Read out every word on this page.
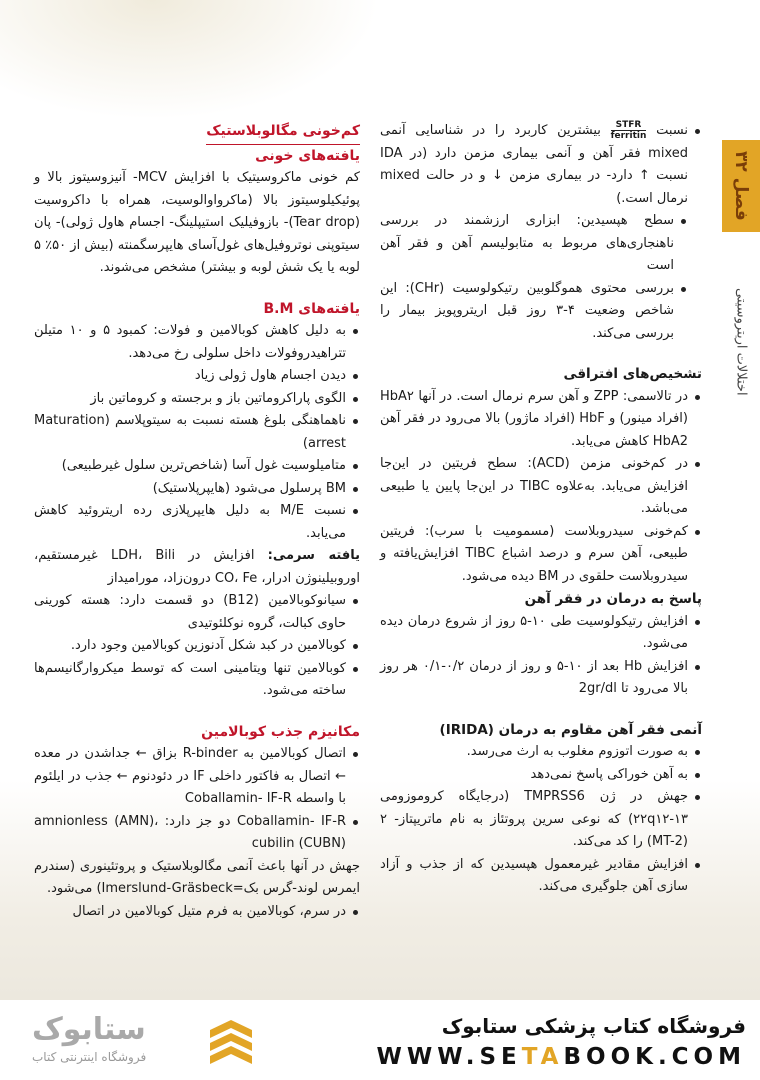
فصل ۳۲
اختلالات اریتروسیتی
نسبت
$\frac{\text{STFR}}{\text{ferritin}}$
بیشترین کاربرد را در شناسایی آنمی mixed فقر آهن و آنمی بیماری مزمن دارد (در IDA نسبت ↑ دارد- در بیماری مزمن ↓ و در حالت mixed نرمال است.)
سطح هپسیدین: ابزاری ارزشمند در بررسی ناهنجاری‌های مربوط به متابولیسم آهن و فقر آهن است
بررسی محتوی هموگلوبین رتیکولوسیت (CHr): این شاخص وضعیت ۴-۳ روز قبل اریتروپویز بیمار را بررسی می‌کند.
تشخیص‌های افتراقی
در تالاسمی: ZPP و آهن سرم نرمال است. در آنها HbA۲ (افراد مینور) و HbF (افراد ماژور) بالا می‌رود در فقر آهن HbA2 کاهش می‌یابد.
در کم‌خونی مزمن (ACD): سطح فریتین در این‌جا افزایش می‌یابد. به‌علاوه TIBC در این‌جا پایین یا طبیعی می‌باشد.
کم‌خونی سیدروبلاست (مسمومیت با سرب): فریتین طبیعی، آهن سرم و درصد اشباع TIBC افزایش‌یافته و سیدروبلاست حلقوی در BM دیده می‌شود.
پاسخ به درمان در فقر آهن
افزایش رتیکولوسیت طی ۱۰-۵ روز از شروع درمان دیده می‌شود.
افزایش Hb بعد از ۱۰-۵ و روز از درمان ۰/۲-۰/۱ هر روز بالا می‌رود تا 2gr/dl
آنمی فقر آهن مقاوم به درمان (IRIDA)
به صورت اتوزوم مغلوب به ارث می‌رسد.
به آهن خوراکی پاسخ نمی‌دهد
جهش در ژن TMPRSS6 (درجایگاه کروموزومی ۱۳-۲۲q۱۲) که نوعی سرین پروتئاز به نام ماتریپتاز- ۲ (MT-2) را کد می‌کند.
افزایش مقادیر غیرمعمول هپسیدین که از جذب و آزاد سازی آهن جلوگیری می‌کند.
کم‌خونی مگالوبلاستیک
یافته‌های خونی

کم خونی ماکروسیتیک با افزایش MCV- آنیزوسیتوز بالا و پوئیکیلوسیتوز بالا (ماکرواوالوسیت، همراه با داکروسیت (Tear drop)- بازوفیلیک استیپلینگ- اجسام هاول ژولی)- پان سیتوپنی نوتروفیل‌های غول‌آسای هایپرسگمنته (بیش از ۵۰٪ ۵ لوبه یا یک شش لوبه و بیشتر) مشخص می‌شوند.

یافته‌های B.M
به دلیل کاهش کوبالامین و فولات: کمبود ۵ و ۱۰ متیلن تتراهیدروفولات داخل سلولی رخ می‌دهد.
دیدن اجسام هاول ژولی زیاد
الگوی پاراکروماتین باز و برجسته و کروماتین باز
ناهماهنگی بلوغ هسته نسبت به سیتوپلاسم (Maturation arrest)
متامیلوسیت غول آسا (شاخص‌ترین سلول غیرطبیعی)
BM پرسلول می‌شود (هایپرپلاستیک)
نسبت M/E به دلیل هایپرپلازی رده اریتروئید کاهش می‌یابد.

یافته سرمی: افزایش در LDH، Bili غیرمستقیم، اوروبیلینوژن ادرار، CO، Fe درون‌زاد، موراميداز

سیانوکوبالامین (B12) دو قسمت دارد: هسته کورینی حاوی کبالت، گروه نوکلئوتیدی
کوبالامین در کبد شکل آدنوزین کوبالامین وجود دارد.
کوبالامین تنها ویتامینی است که توسط میکروارگانیسم‌ها ساخته می‌شود.
مکانیزم جذب کوبالامین
اتصال کوبالامین به R-binder بزاق ← جداشدن در معده ← اتصال به فاکتور داخلی IF در دئودنوم ← جذب در ایلئوم با واسطه Coballamin- IF-R
Coballamin- IF-R دو جز دارد: amnionless (AMN)، cubilin (CUBN)

جهش در آنها باعث آنمی مگالوبلاستیک و پروتئینوری (سندرم ایمرس لوند-گرس بک=Imerslund-Gräsbeck) می‌شود.

در سرم، کوبالامین به فرم متیل کوبالامین در اتصال
فروشگاه کتاب پزشکی ستابوک
WWW.SETABOOK.COM
ستابوک
فروشگاه اینترنتی کتاب
